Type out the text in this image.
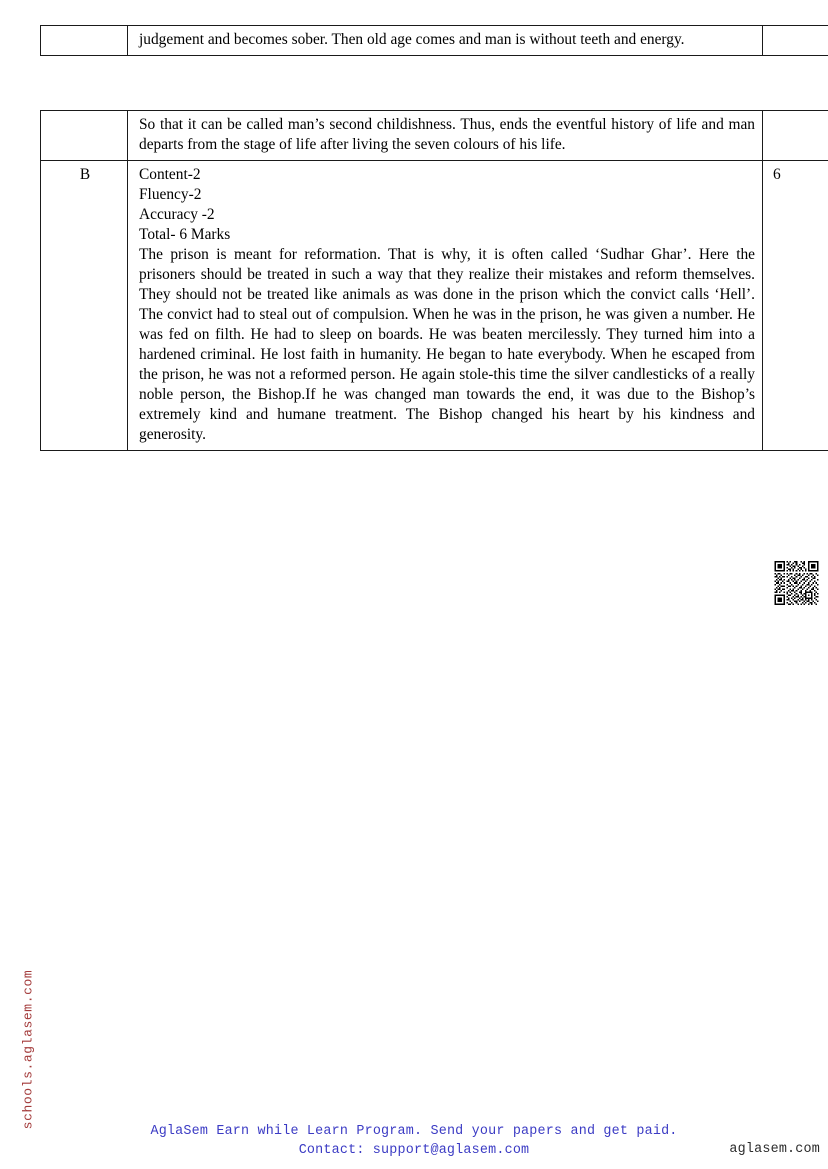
judgement and becomes sober. Then old age comes and man is without teeth and energy.

	So that it can be called man’s second childishness. Thus, ends the eventful history of life and man departs from the stage of life after living the seven colours of his life.	

B	Content-2
Fluency-2
Accuracy -2
Total- 6 Marks

The prison is meant for reformation. That is why, it is often called ‘Sudhar Ghar’. Here the prisoners should be treated in such a way that they realize their mistakes and reform themselves. They should not be treated like animals as was done in the prison which the convict calls ‘Hell’. The convict had to steal out of compulsion. When he was in the prison, he was given a number. He was fed on filth. He had to sleep on boards. He was beaten mercilessly. They turned him into a hardened criminal. He lost faith in humanity. He began to hate everybody. When he escaped from the prison, he was not a reformed person. He again stole-this time the silver candlesticks of a really noble person, the Bishop.If he was changed man towards the end, it was due to the Bishop’s extremely kind and humane treatment. The Bishop changed his heart by his kindness and generosity.	6
schools.aglasem.com
AglaSem Earn while Learn Program. Send your papers and get paid.
Contact: support@aglasem.com	aglasem.com
